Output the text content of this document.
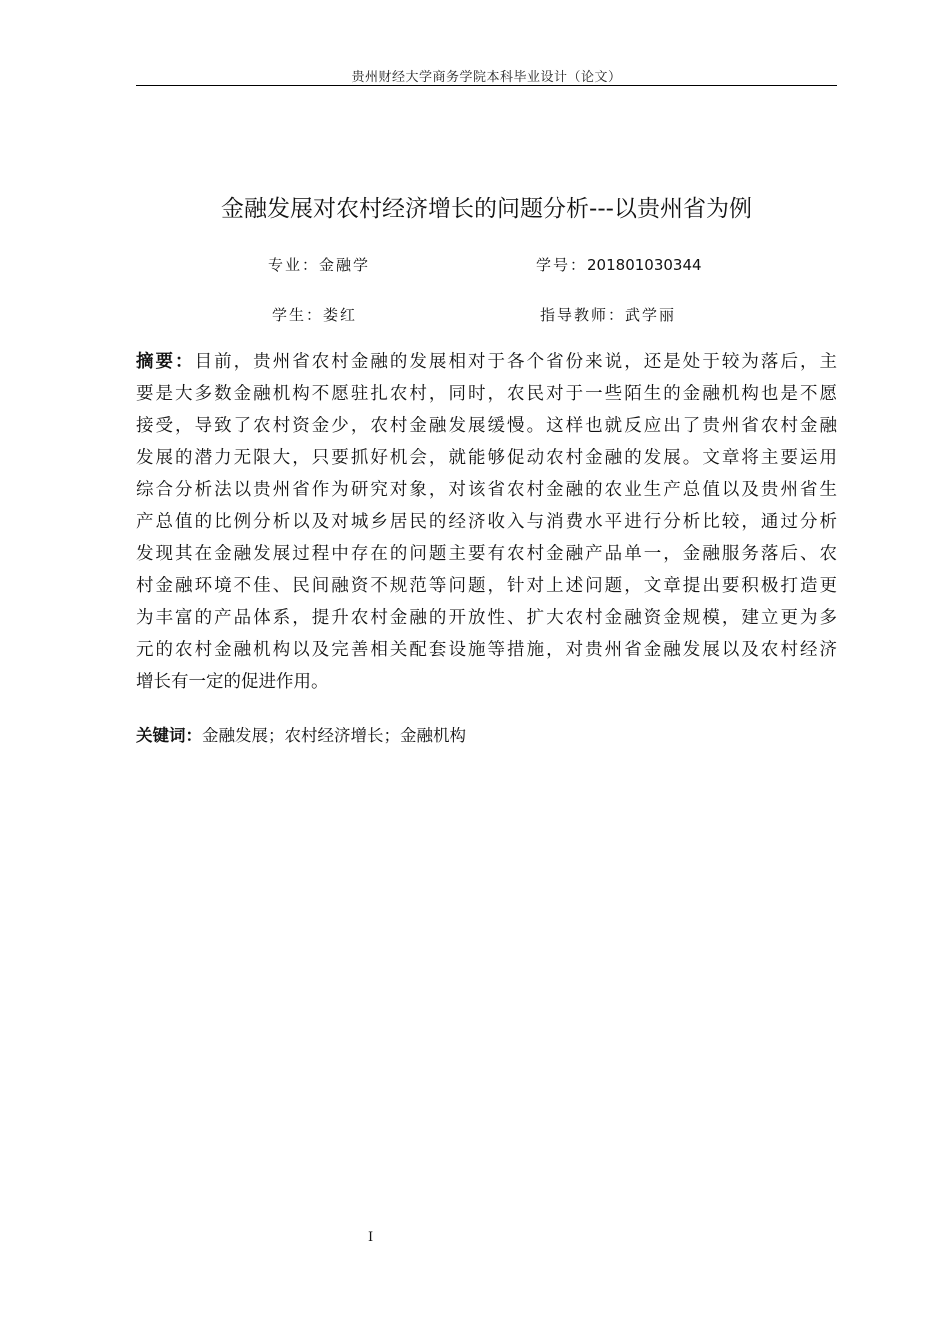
贵州财经大学商务学院本科毕业设计（论文）
金融发展对农村经济增长的问题分析---以贵州省为例
专业：金融学	学号：201801030344
学生：娄红	指导教师：武学丽
摘要：目前，贵州省农村金融的发展相对于各个省份来说，还是处于较为落后，主
要是大多数金融机构不愿驻扎农村，同时，农民对于一些陌生的金融机构也是不愿
接受，导致了农村资金少，农村金融发展缓慢。这样也就反应出了贵州省农村金融
发展的潜力无限大，只要抓好机会，就能够促动农村金融的发展。文章将主要运用
综合分析法以贵州省作为研究对象，对该省农村金融的农业生产总值以及贵州省生
产总值的比例分析以及对城乡居民的经济收入与消费水平进行分析比较，通过分析
发现其在金融发展过程中存在的问题主要有农村金融产品单一，金融服务落后、农
村金融环境不佳、民间融资不规范等问题，针对上述问题，文章提出要积极打造更
为丰富的产品体系，提升农村金融的开放性、扩大农村金融资金规模，建立更为多
元的农村金融机构以及完善相关配套设施等措施，对贵州省金融发展以及农村经济
增长有一定的促进作用。
关键词：金融发展；农村经济增长；金融机构
I
